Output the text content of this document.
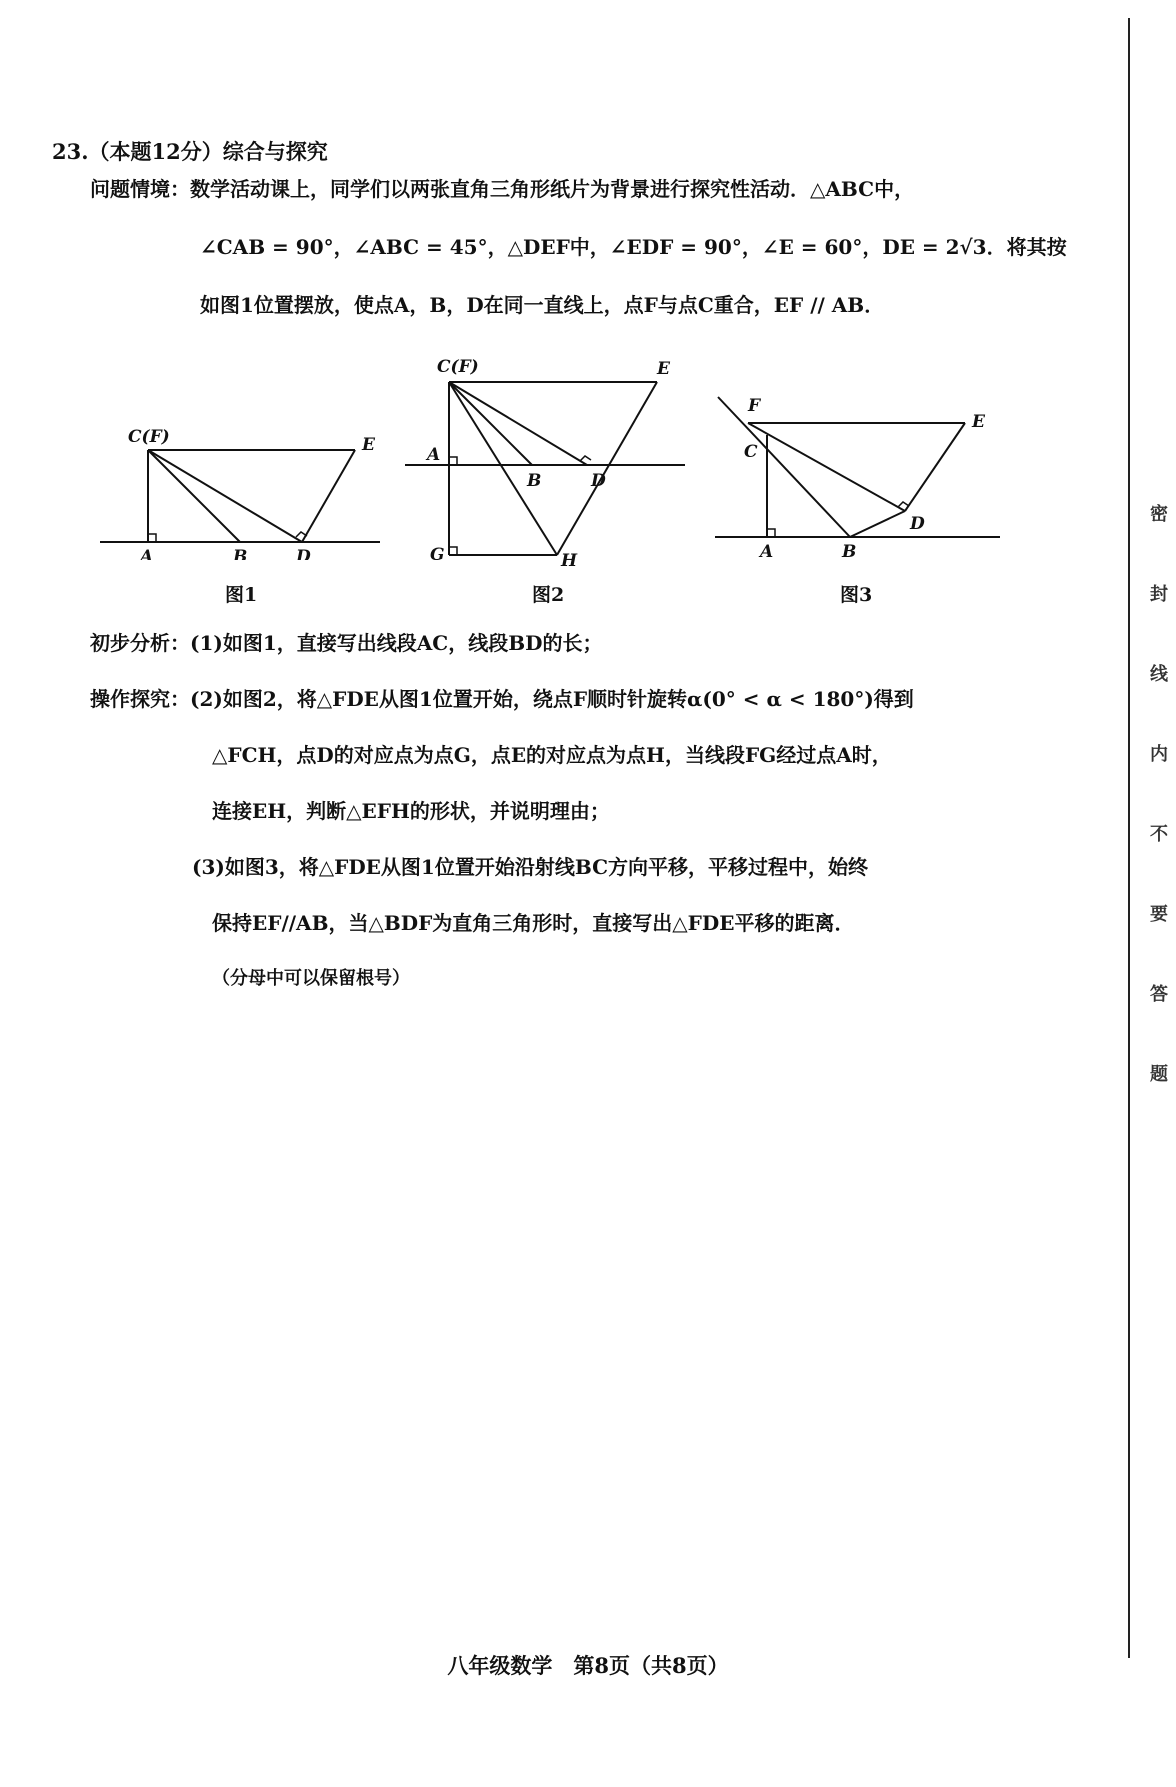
23.（本题12分）综合与探究
问题情境：数学活动课上，同学们以两张直角三角形纸片为背景进行探究性活动．△ABC中，
∠CAB = 90°，∠ABC = 45°，△DEF中，∠EDF = 90°，∠E = 60°，DE = 2√3．将其按
如图1位置摆放，使点A，B，D在同一直线上，点F与点C重合，EF // AB．
C(F)	E
A	B	D
图1
C(F)	E
A
B	D
G	H
图2
F
E
C
D
A	B
图3
初步分析：(1)如图1，直接写出线段AC，线段BD的长；
操作探究：(2)如图2，将△FDE从图1位置开始，绕点F顺时针旋转α(0° < α < 180°)得到
△FCH，点D的对应点为点G，点E的对应点为点H，当线段FG经过点A时，
连接EH，判断△EFH的形状，并说明理由；
(3)如图3，将△FDE从图1位置开始沿射线BC方向平移，平移过程中，始终
保持EF//AB，当△BDF为直角三角形时，直接写出△FDE平移的距离．
（分母中可以保留根号）
八年级数学　第8页（共8页）
密
封
线
内
不
要
答
题
